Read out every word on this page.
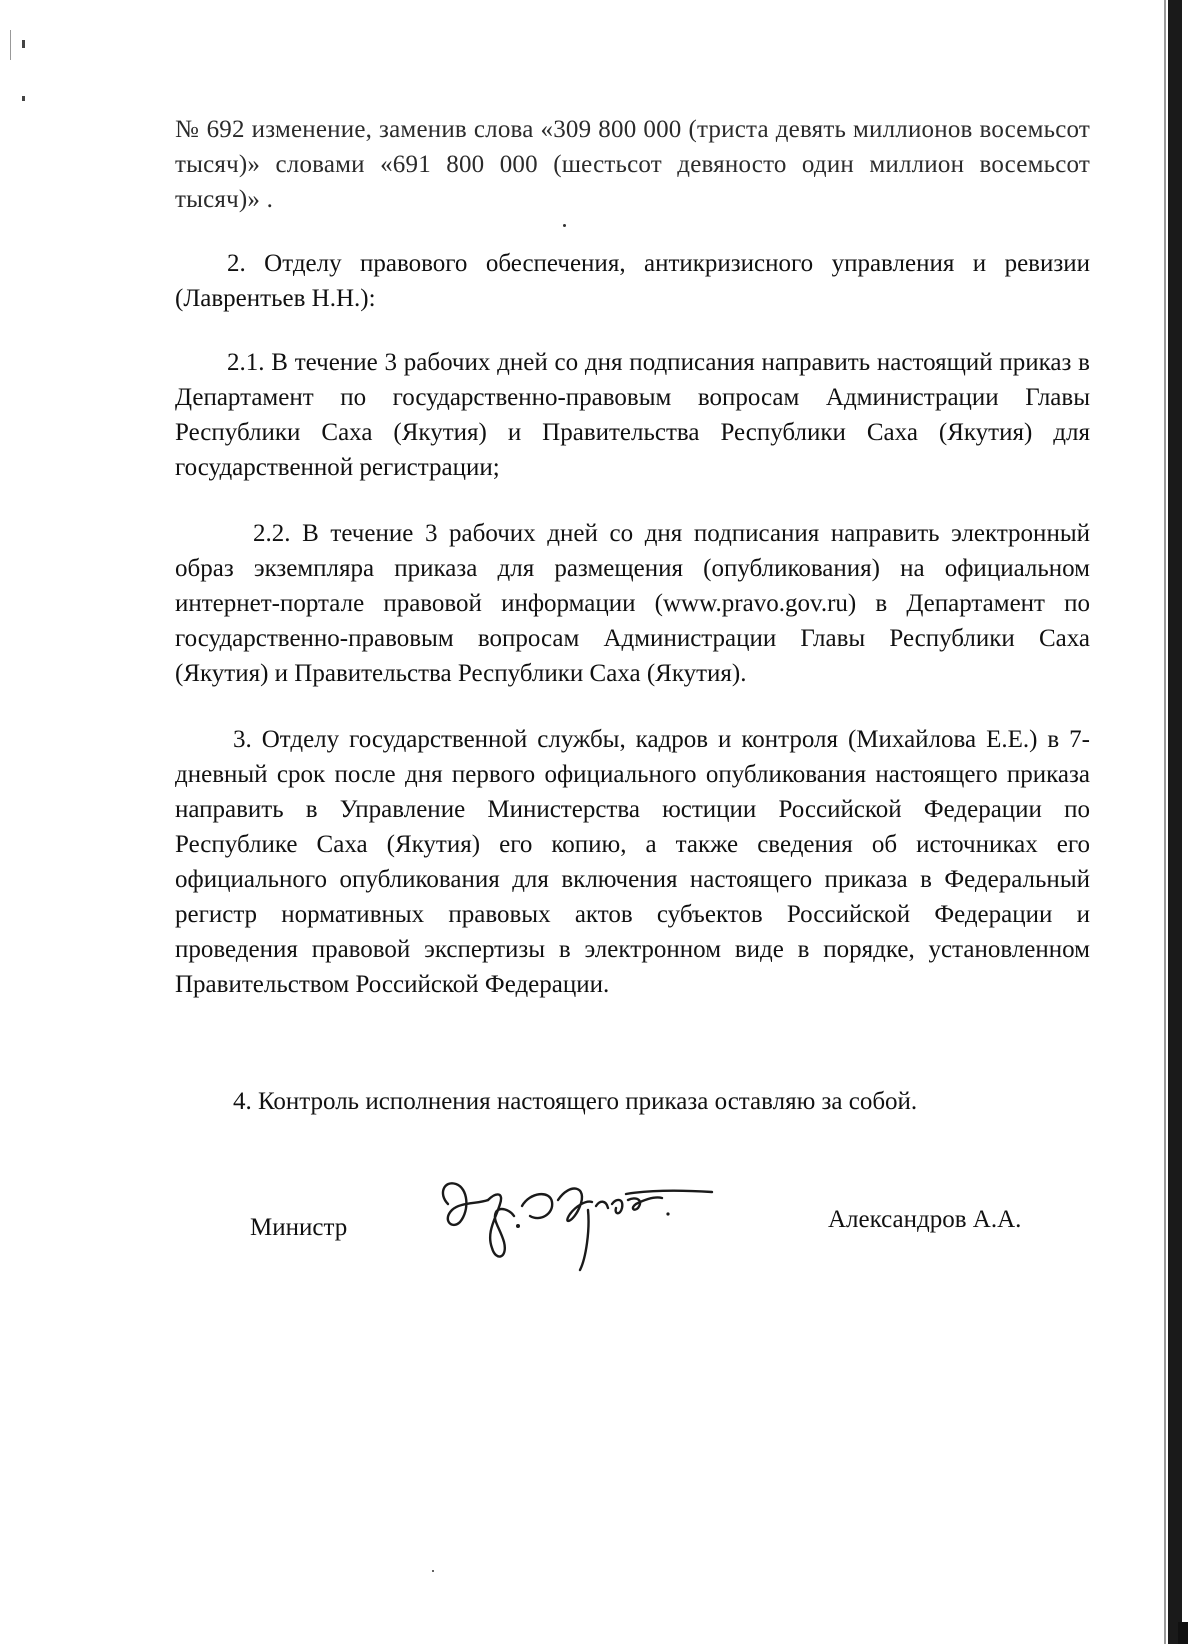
№ 692 изменение, заменив слова «309 800 000 (триста девять миллионов восемьсот тысяч)» словами «691 800 000 (шестьсот девяносто один миллион восемьсот тысяч)» .

2. Отделу правового обеспечения, антикризисного управления и ревизии (Лаврентьев Н.Н.):

2.1. В течение 3 рабочих дней со дня подписания направить настоящий приказ в Департамент по государственно-правовым вопросам Администрации Главы Республики Саха (Якутия) и Правительства Республики Саха (Якутия) для государственной регистрации;

2.2. В течение 3 рабочих дней со дня подписания направить электронный образ экземпляра приказа для размещения (опубликования) на официальном интернет-портале правовой информации (www.pravo.gov.ru) в Департамент по государственно-правовым вопросам Администрации Главы Республики Саха (Якутия) и Правительства Республики Саха (Якутия).

3. Отделу государственной службы, кадров и контроля (Михайлова Е.Е.) в 7-дневный срок после дня первого официального опубликования настоящего приказа направить в Управление Министерства юстиции Российской Федерации по Республике Саха (Якутия) его копию, а также сведения об источниках его официального опубликования для включения настоящего приказа в Федеральный регистр нормативных правовых актов субъектов Российской Федерации и проведения правовой экспертизы в электронном виде в порядке, установленном Правительством Российской Федерации.

4. Контроль исполнения настоящего приказа оставляю за собой.

Министр	Александров А.А.
